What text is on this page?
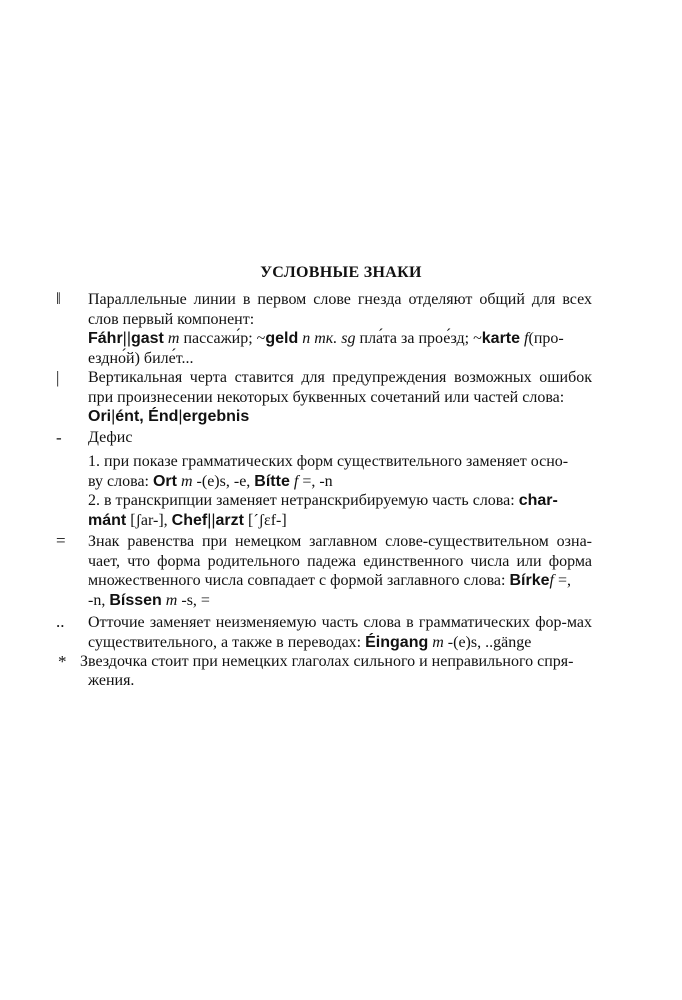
УСЛОВНЫЕ ЗНАКИ
‖	Параллельные линии в первом слове гнезда отделяют общий для всех слов первый компонент:
Fáhr||gast m пассажи́р; ~geld n тк. sg пла́та за прое́зд; ~karte f(про-
ездно́й) биле́т...
|	Вертикальная черта ставится для предупреждения возможных ошибок при произнесении некоторых буквенных сочетаний или частей слова:
Ori|ént, Énd|ergebnis
-	Дефис
1. при показе грамматических форм существительного заменяет осно-
ву слова: Ort m -(e)s, -e, Bítte f =, -n
2. в транскрипции заменяет нетранскрибируемую часть слова: char-
mánt [ʃar-], Chef||arzt [ˊʃɛf-]
=	Знак равенства при немецком заглавном слове-существительном озна-чает, что форма родительного падежа единственного числа или форма множественного числа совпадает с формой заглавного слова: Bírkef =,
-n, Bíssen m -s, =
..	Отточие заменяет неизменяемую часть слова в грамматических фор-мах существительного, а также в переводах: Éingang m -(e)s, ..gänge
* Звездочка стоит при немецких глаголах сильного и неправильного спря-
жения.
